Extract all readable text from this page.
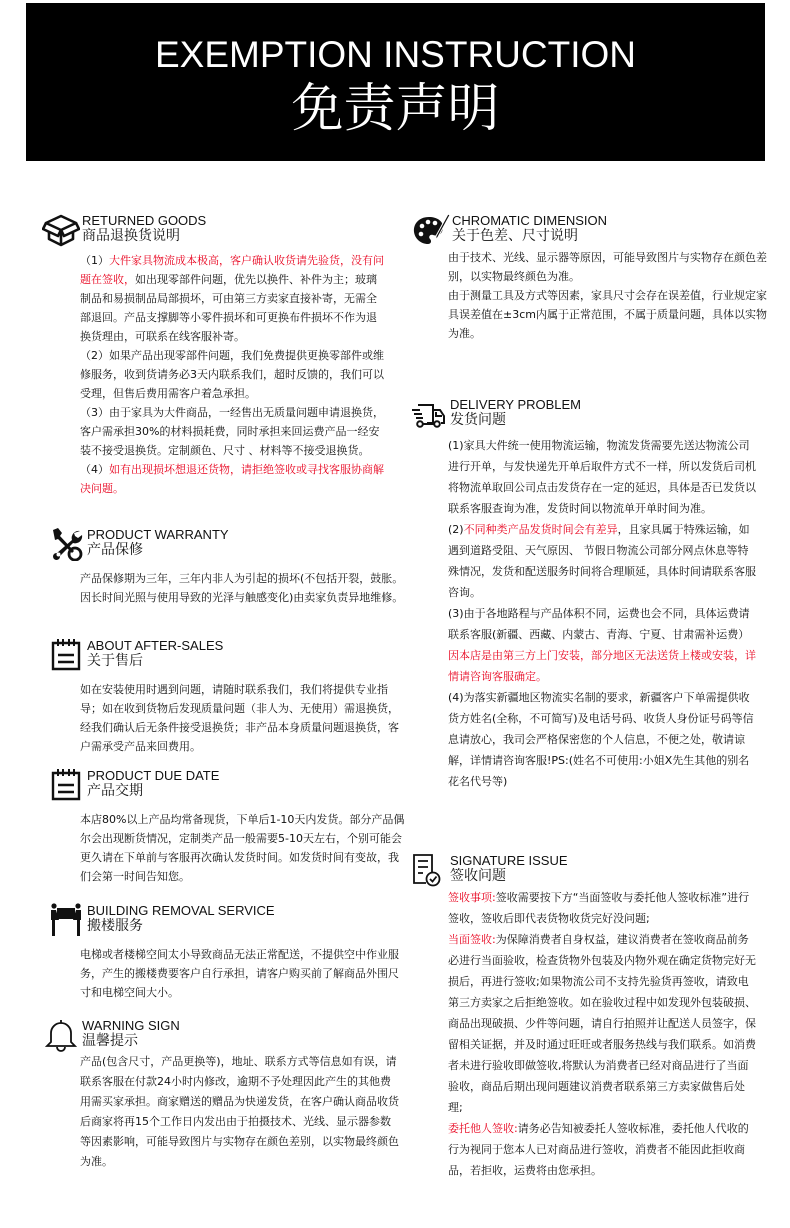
EXEMPTION INSTRUCTION
免责声明
RETURNED GOODS
商品退换货说明

（1）大件家具物流成本极高，客户确认收货请先验货，没有问题在签收，如出现零部件问题，优先以换件、补件为主；玻璃制品和易损制品局部损坏，可由第三方卖家直接补寄，无需全部退回。产品支撑脚等小零件损坏和可更换布件损坏不作为退换货理由，可联系在线客服补寄。

（2）如果产品出现零部件问题，我们免费提供更换零部件或维修服务，收到货请务必3天内联系我们，超时反馈的，我们可以受理，但售后费用需客户着急承担。

（3）由于家具为大件商品，一经售出无质量问题申请退换货，客户需承担30%的材料损耗费，同时承担来回运费产品一经安装不接受退换货。定制颜色、尺寸 、材料等不接受退换货。

（4）如有出现损坏想退还货物，请拒绝签收或寻找客服协商解决问题。

PRODUCT WARRANTY
产品保修

产品保修期为三年，三年内非人为引起的损坏(不包括开裂，鼓胀。因长时间光照与使用导致的光泽与触感变化)由卖家负责异地维修。

ABOUT AFTER-SALES
关于售后

如在安装使用时遇到问题，请随时联系我们，我们将提供专业指导；如在收到货物后发现质量问题（非人为、无使用）需退换货，经我们确认后无条件接受退换货；非产品本身质量问题退换货，客户需承受产品来回费用。

PRODUCT DUE DATE
产品交期

本店80%以上产品均常备现货，下单后1-10天内发货。部分产品偶尔会出现断货情况，定制类产品一般需要5-10天左右，个别可能会更久请在下单前与客服再次确认发货时间。如发货时间有变故，我们会第一时间告知您。

BUILDING REMOVAL SERVICE
搬楼服务

电梯或者楼梯空间太小导致商品无法正常配送，不提供空中作业服务，产生的搬楼费要客户自行承担，请客户购买前了解商品外围尺寸和电梯空间大小。

WARNING SIGN
温馨提示

产品(包含尺寸，产品更换等)，地址、联系方式等信息如有误，请联系客服在付款24小时内修改，逾期不予处理因此产生的其他费用需买家承担。商家赠送的赠品为快递发货，在客户确认商品收货后商家将再15个工作日内发出由于拍摄技术、光线、显示器参数等因素影响，可能导致图片与实物存在颜色差别，以实物最终颜色为准。

CHROMATIC DIMENSION
关于色差、尺寸说明

由于技术、光线、显示器等原因，可能导致图片与实物存在颜色差别，以实物最终颜色为准。

由于测量工具及方式等因素，家具尺寸会存在误差值，行业规定家具误差值在±3cm内属于正常范围，不属于质量问题，具体以实物为准。

DELIVERY PROBLEM
发货问题

(1)家具大件统一使用物流运输，物流发货需要先送达物流公司进行开单，与发快递先开单后取件方式不一样，所以发货后司机将物流单取回公司点击发货存在一定的延迟，具体是否已发货以联系客服查询为准，发货时间以物流单开单时间为准。

(2)不同种类产品发货时间会有差异，且家具属于特殊运输，如遇到道路受阻、天气原因、 节假日物流公司部分网点休息等特殊情况，发货和配送服务时间将合理顺延，具体时间请联系客服咨询。

(3)由于各地路程与产品体积不同，运费也会不同，具体运费请联系客服(新疆、西藏、内蒙古、青海、宁夏、甘肃需补运费）因本店是由第三方上门安装，部分地区无法送货上楼或安装，详情请咨询客服确定。

(4)为落实新疆地区物流实名制的要求，新疆客户下单需提供收货方姓名(全称，不可简写)及电话号码、收货人身份证号码等信息请放心，我司会严格保密您的个人信息，不便之处，敬请谅解，详情请咨询客服!PS:(姓名不可使用:小姐X先生其他的别名花名代号等)

SIGNATURE ISSUE
签收问题

签收事项:签收需要按下方“当面签收与委托他人签收标准”进行签收，签收后即代表货物收货完好没问题;

当面签收:为保障消费者自身权益，建议消费者在签收商品前务必进行当面验收，检查货物外包装及内物外观在确定货物完好无损后，再进行签收;如果物流公司不支持先验货再签收，请致电第三方卖家之后拒绝签收。如在验收过程中如发现外包装破损、商品出现破损、少件等问题，请自行拍照并让配送人员签字，保留相关证据，并及时通过旺旺或者服务热线与我们联系。如消费者未进行验收即做签收,将默认为消费者已经对商品进行了当面验收，商品后期出现问题建议消费者联系第三方卖家做售后处理;

委托他人签收:请务必告知被委托人签收标准，委托他人代收的行为视同于您本人已对商品进行签收，消费者不能因此拒收商品，若拒收，运费将由您承担。
